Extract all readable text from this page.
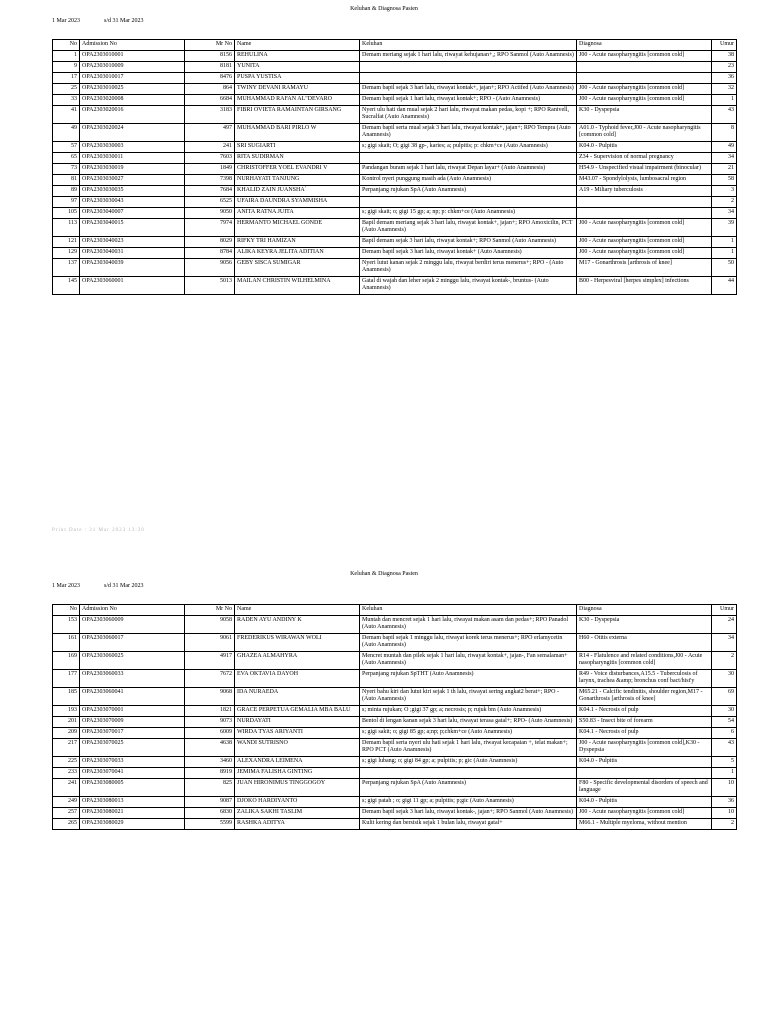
Keluhan & Diagnosa Pasien
1 Mar 2023	s/d 31 Mar 2023
No	Admission No	Mr No	Name	Keluhan	Diagnosa	Umur
1	OPA2303010001	8156	REHULINA	Demam meriang sejak 1 hari lalu, riwayat kehujanan+,; RPO Sanmol (Auto Anamnesis)	J00 - Acute nasopharyngitis [common cold]	38
9	OPA2303010009	8181	YUNITA			23
17	OPA2303010017	8476	PUSPA YUSTISA			36
25	OPA2303010025	864	TWINY DEVANI RAMAYU	Demam bapil sejak 3 hari lalu, riwayat kontak+, jajan+; RPO Actifed (Auto Anamnesis)	J00 - Acute nasopharyngitis [common cold]	32
33	OPA2303020008	6684	MUHAMMAD RAFAN AL"DEVARO	Demam bapil sejak 1 hari lalu, riwayat kontak+; RPO - (Auto Anamnesis)	J00 - Acute nasopharyngitis [common cold]	1
41	OPA2303020016	3183	FIBRI OVIETA RAMAINTAN GIRSANG	Nyeri ulu hati dan mual sejak 2 hari lalu, riwayat makan pedas, kopi +; RPO Ranivell, Sucralfat (Auto Anamnesis)	K30 - Dyspepsia	43
49	OPA2303020024	497	MUHAMMAD BARI PIRLO W	Demam bapil serta mual sejak 3 hari lalu, riwayat kontak+, jajan+; RPO Tempra (Auto Anamnesis)	A01.0 - Typhoid fever,J00 - Acute nasopharyngitis [common cold]	8
57	OPA2303030003	241	SRI SUGIARTI	s; gigi skait; O; gigi 38 gp-, karies; a; pulpitis; p: chkm+ce (Auto Anamnesis)	K04.0 - Pulpitis	49
65	OPA2303030011	7603	RITA SUDIRMAN		Z34 - Supervision of normal pregnancy	34
73	OPA2303030019	1849	CHRISTOFFER YOEL EVANDRI V	Pandangan buram sejak 1 hari lalu, riwayat Depan layar+ (Auto Anamnesis)	H54.9 - Unspecified visual impairment (binocular)	21
81	OPA2303030027	7398	NURHAYATI TANJUNG	Kontrol nyeri punggung masih ada (Auto Anamnesis)	M43.07 - Spondylolysis, lumbosacral region	58
89	OPA2303030035	7684	KHALID ZAIN JUANSHA`	Perpanjang rujukan SpA (Auto Anamnesis)	A19 - Miliary tuberculosis	3
97	OPA2303030043	6525	UFAIRA DAUNDRA SYAMMISHA			2
105	OPA2303040007	9050	ANITA RATNA JUITA	s; gigi skait; o; gigi 15 gp; a; np; p: chkm+ce (Auto Anamnesis)		34
113	OPA2303040015	7974	HERMANTO MICHAEL GONDE	Bapil demam meriang sejak 3 hari lalu, riwayat kontak+, jajan+; RPO Amoxicilin, PCT (Auto Anamnesis)	J00 - Acute nasopharyngitis [common cold]	39
121	OPA2303040023	8029	RIFKY TRI HAMIZAN	Bapil demam sejak 3 hari lalu, riwayat kontak+; RPO Sanmol (Auto Anamnesis)	J00 - Acute nasopharyngitis [common cold]	1
129	OPA2303040031	8784	ALIKA KEYRA JELITA ADITIAN	Demam bapil sejak 3 hari lalu, riwayat kontak+ (Auto Anamnesis)	J00 - Acute nasopharyngitis [common cold]	1
137	OPA2303040039	9056	GEBY SISCA SUMIGAR	Nyeri lutut kanan sejak 2 minggu lalu, riwayat berdiri terus menerus+; RPO - (Auto Anamnesis)	M17 - Gonarthrosis [arthrosis of knee]	50
145	OPA2303060001	5013	MAILAN CHRISTIN WILHELMINA	Gatal di wajah dan leher sejak 2 minggu lalu, riwayat kontak-, bruntus- (Auto Anamnesis)	B00 - Herpesviral [herpes simplex] infections	44
Print Date : 31 Mar 2023 13:30
Keluhan & Diagnosa Pasien
1 Mar 2023	s/d 31 Mar 2023
No	Admission No	Mr No	Name	Keluhan	Diagnosa	Umur
153	OPA2303060009	9058	RADEN AYU ANDINY K	Muntah dan mencret sejak 1 hari lalu, riwayat makan asam dan pedas+; RPO Panadol (Auto Anamnesis)	K30 - Dyspepsia	24
161	OPA2303060017	9061	FREDERIKUS WIRAWAN WOLI	Demam bapil sejak 1 minggu lalu, riwayat korek terus menerus+; RPO erlamycetin (Auto Anamnesis)	H60 - Otitis externa	34
169	OPA2303060025	4917	GHAZEA ALMAHYRA	Mencret muntah dan pilek sejak 1 hari lalu, riwayat kontak+, jajan-, Fan semalaman+ (Auto Anamnesis)	R14 - Flatulence and related conditions,J00 - Acute nasopharyngitis [common cold]	2
177	OPA2303060033	7672	EVA OKTAVIA DAYOH	Perpanjang rujukan SpTHT (Auto Anamnesis)	R49 - Voice disturbances,A15.5 - Tuberculosis of larynx, trachea &amp; bronchus conf bact/hist'y	30
185	OPA2303060041	9068	IDA NURAEDA	Nyeri bahu kiri dan lutut kiri sejak 1 th lalu, riwayat sering angkat2 berat+; RPO - (Auto Anamnesis)	M65.21 - Calcific tendinitis, shoulder region,M17 - Gonarthrosis [arthrosis of knee]	69
193	OPA2303070001	1821	GRACE PERPETUA GEMALIA MBA BALU	s; minta rujukan; O ;gigi 37 gp; a; necrosis; p; rujuk bm (Auto Anamnesis)	K04.1 - Necrosis of pulp	30
201	OPA2303070009	9073	NURDAYATI	Bentol di lengan kanan sejak 3 hari lalu, riwayat terasa gatal+; RPO- (Auto Anamnesis)	S50.83 - Insect bite of forearm	54
209	OPA2303070017	6009	WIRDA TYAS ARIYANTI	s; gigi sakit; o; gigi 85 gp; a;np; p;chkm+ce (Auto Anamnesis)	K04.1 - Necrosis of pulp	6
217	OPA2303070025	4638	WANDI SUTRISNO	Demam bapil serta nyeri ulu hati sejak 1 hari lalu, riwayat kecapaian +, telat makan+; RPO PCT (Auto Anamnesis)	J00 - Acute nasopharyngitis [common cold],K30 - Dyspepsia	43
225	OPA2303070033	3460	ALEXANDRA LEIMENA	s; gigi lubang; o; gigi 84 gp; a; pulpitis; p; gic (Auto Anamnesis)	K04.0 - Pulpitis	5
233	OPA2303070041	8919	JEMIMA FALISHA GINTING			1
241	OPA2303080005	825	JUAN HIRONIMUS TINGGOGOY	Perpanjang rujukan SpA (Auto Anamnesis)	F80 - Specific developmental disorders of speech and language	10
249	OPA2303080013	9087	DJOKO HARDIYANTO	s; gigi patah ; o; gigi 11 gp; a; pulpitis; p;gic (Auto Anamnesis)	K04.0 - Pulpitis	36
257	OPA2303080021	6830	ZALIKA SAKHI TASLIM	Demam bapil sejak 3 hari lalu, riwayat kontak-, jajan+; RPO Sanmol (Auto Anamnesis)	J00 - Acute nasopharyngitis [common cold]	10
265	OPA2303080029	5599	RASHKA ADITYA	Kulit kering dan bersisik sejak 1 bulan lalu, riwayat gatal+	M66.1 - Multiple myeloma, without mention	2
